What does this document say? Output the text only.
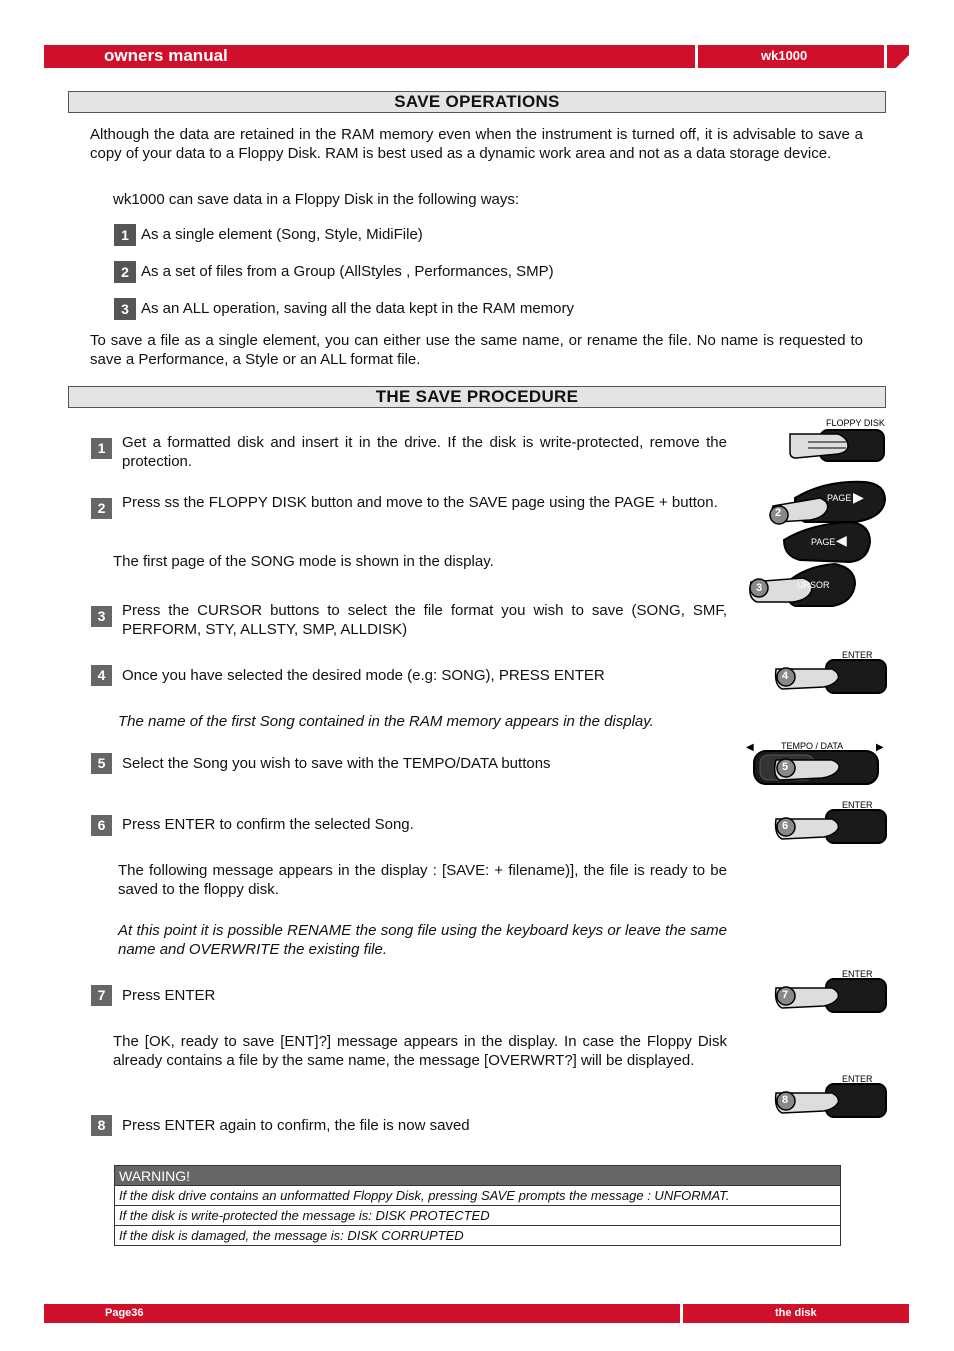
owners manual	wk1000
SAVE OPERATIONS
Although the data are retained in the RAM memory even when the instrument is turned off, it is advisable to save a copy of your data to a Floppy Disk. RAM is best used as a dynamic work area and not as a data storage device.
wk1000 can save data in a Floppy Disk in the following ways:
1 As a single element (Song, Style, MidiFile)
2 As a set of files from a Group (AllStyles , Performances, SMP)
3 As an ALL operation, saving all the data kept in the RAM memory
To save a file as a single element, you can either use the same name, or rename the file. No name is requested to save a Performance, a Style or an ALL format file.
THE SAVE PROCEDURE
1	Get a formatted disk and insert it in the drive. If the disk is write-protected, remove the protection.
2	Press ss the FLOPPY DISK button and move to the SAVE page using the PAGE + button.
The first page of the SONG mode is shown in the display.
3	Press the CURSOR buttons to select the file format you wish to save (SONG, SMF, PERFORM, STY, ALLSTY, SMP, ALLDISK)
4	Once you have selected the desired mode (e.g: SONG), PRESS ENTER
The name of the first Song contained in the RAM memory appears in the display.
5	Select the Song you wish to save with the TEMPO/DATA buttons
6	Press ENTER to confirm the selected Song.
The following message appears in the display : [SAVE: + filename)], the file is ready to be saved to the floppy disk.
At this point it is possible RENAME the song file using the keyboard keys or leave the same name and OVERWRITE the existing file.
7	Press ENTER
The [OK, ready to save [ENT]?] message appears in the display. In case the Floppy Disk already contains a file by the same name, the message [OVERWRT?] will be displayed.
8	Press ENTER again to confirm, the file is now saved
FLOPPY DISK
PAGE ▶
2
PAGE ◀
URSOR
3
ENTER
4
◀	TEMPO / DATA	▶
5
ENTER
6
ENTER
7
ENTER
8
WARNING!
If the disk drive contains an unformatted Floppy Disk, pressing SAVE prompts the message : UNFORMAT.
If the disk is write-protected the message is: DISK PROTECTED
If the disk is damaged, the message is: DISK CORRUPTED
Page36	the disk
